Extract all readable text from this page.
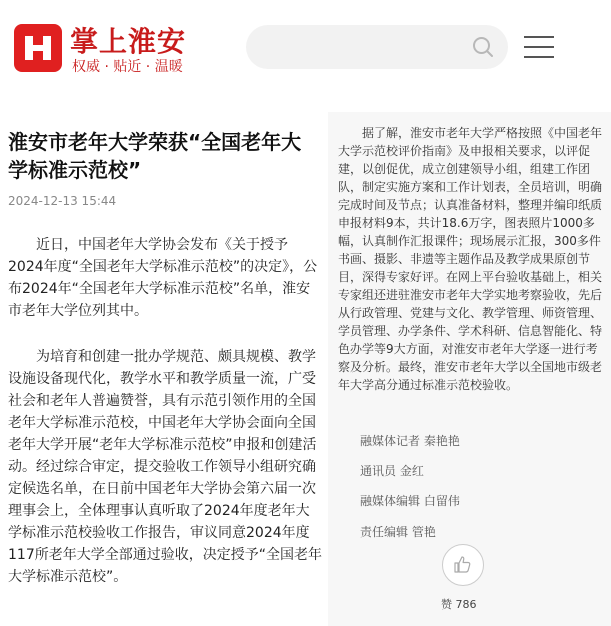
掌上淮安
权威 · 贴近 · 温暖
淮安市老年大学荣获“全国老年大学标准示范校”
2024-12-13 15:44

近日，中国老年大学协会发布《关于授予2024年度“全国老年大学标准示范校”的决定》，公布2024年“全国老年大学标准示范校”名单，淮安市老年大学位列其中。

为培育和创建一批办学规范、颇具规模、教学设施设备现代化，教学水平和教学质量一流，广受社会和老年人普遍赞誉，具有示范引领作用的全国老年大学标准示范校，中国老年大学协会面向全国老年大学开展“老年大学标准示范校”申报和创建活动。经过综合审定，提交验收工作领导小组研究确定候选名单，在日前中国老年大学协会第六届一次理事会上，全体理事认真听取了2024年度老年大学标准示范校验收工作报告，审议同意2024年度117所老年大学全部通过验收，决定授予“全国老年大学标准示范校”。

据了解，淮安市老年大学严格按照《中国老年大学示范校评价指南》及申报相关要求，以评促建，以创促优，成立创建领导小组，组建工作团队，制定实施方案和工作计划表，全员培训，明确完成时间及节点；认真准备材料，整理并编印纸质申报材料9本，共计18.6万字，图表照片1000多幅，认真制作汇报课件；现场展示汇报，300多件书画、摄影、非遗等主题作品及教学成果原创节目，深得专家好评。在网上平台验收基础上，相关专家组还进驻淮安市老年大学实地考察验收，先后从行政管理、党建与文化、教学管理、师资管理、学员管理、办学条件、学术科研、信息智能化、特色办学等9大方面，对淮安市老年大学逐一进行考察及分析。最终，淮安市老年大学以全国地市级老年大学高分通过标准示范校验收。

融媒体记者 秦艳艳
通讯员 金红
融媒体编辑 白留伟
责任编辑 管艳
赞 786
